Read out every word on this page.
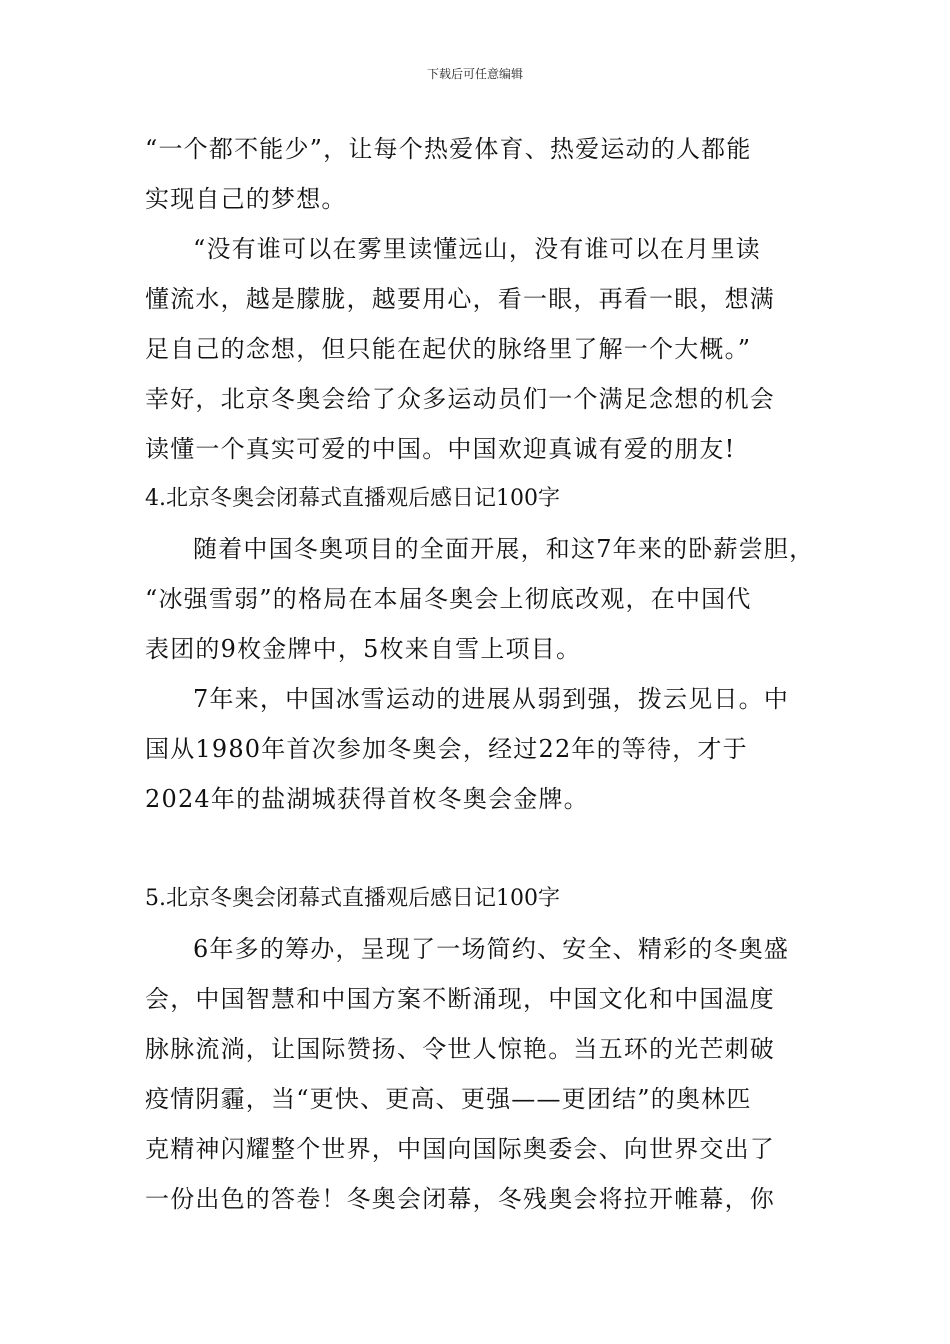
下载后可任意编辑
“一个都不能少”，让每个热爱体育、热爱运动的人都能
实现自己的梦想。
“没有谁可以在雾里读懂远山，没有谁可以在月里读
懂流水，越是朦胧，越要用心，看一眼，再看一眼，想满
足自己的念想，但只能在起伏的脉络里了解一个大概。”
幸好，北京冬奥会给了众多运动员们一个满足念想的机会
读懂一个真实可爱的中国。中国欢迎真诚有爱的朋友!
4.北京冬奥会闭幕式直播观后感日记100字
随着中国冬奥项目的全面开展，和这7年来的卧薪尝胆，
“冰强雪弱”的格局在本届冬奥会上彻底改观，在中国代
表团的9枚金牌中，5枚来自雪上项目。
7年来，中国冰雪运动的进展从弱到强，拨云见日。中
国从1980年首次参加冬奥会，经过22年的等待，才于
2024年的盐湖城获得首枚冬奥会金牌。
5.北京冬奥会闭幕式直播观后感日记100字
6年多的筹办，呈现了一场简约、安全、精彩的冬奥盛
会，中国智慧和中国方案不断涌现，中国文化和中国温度
脉脉流淌，让国际赞扬、令世人惊艳。当五环的光芒刺破
疫情阴霾，当“更快、更高、更强——更团结”的奥林匹
克精神闪耀整个世界，中国向国际奥委会、向世界交出了
一份出色的答卷！冬奥会闭幕，冬残奥会将拉开帷幕，你
